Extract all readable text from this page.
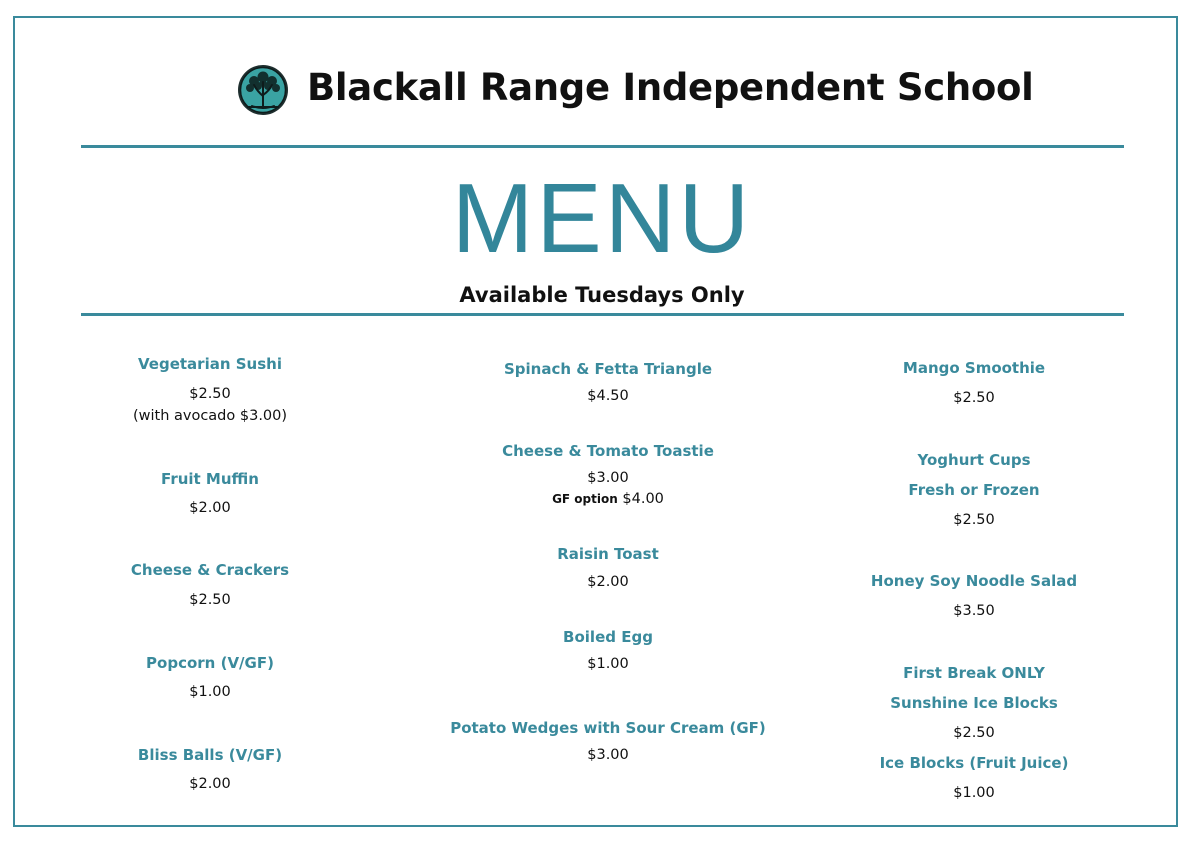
Blackall Range Independent School
MENU
Available Tuesdays Only
Vegetarian Sushi
$2.50
(with avocado $3.00)
Fruit Muffin
$2.00
Cheese & Crackers
$2.50
Popcorn (V/GF)
$1.00
Bliss Balls (V/GF)
$2.00
Spinach & Fetta Triangle
$4.50
Cheese & Tomato Toastie
$3.00
GF option $4.00
Raisin Toast
$2.00
Boiled Egg
$1.00
Potato Wedges with Sour Cream (GF)
$3.00
Mango Smoothie
$2.50
Yoghurt Cups
Fresh or Frozen
$2.50
Honey Soy Noodle Salad
$3.50
First Break ONLY
Sunshine Ice Blocks
$2.50
Ice Blocks (Fruit Juice)
$1.00
